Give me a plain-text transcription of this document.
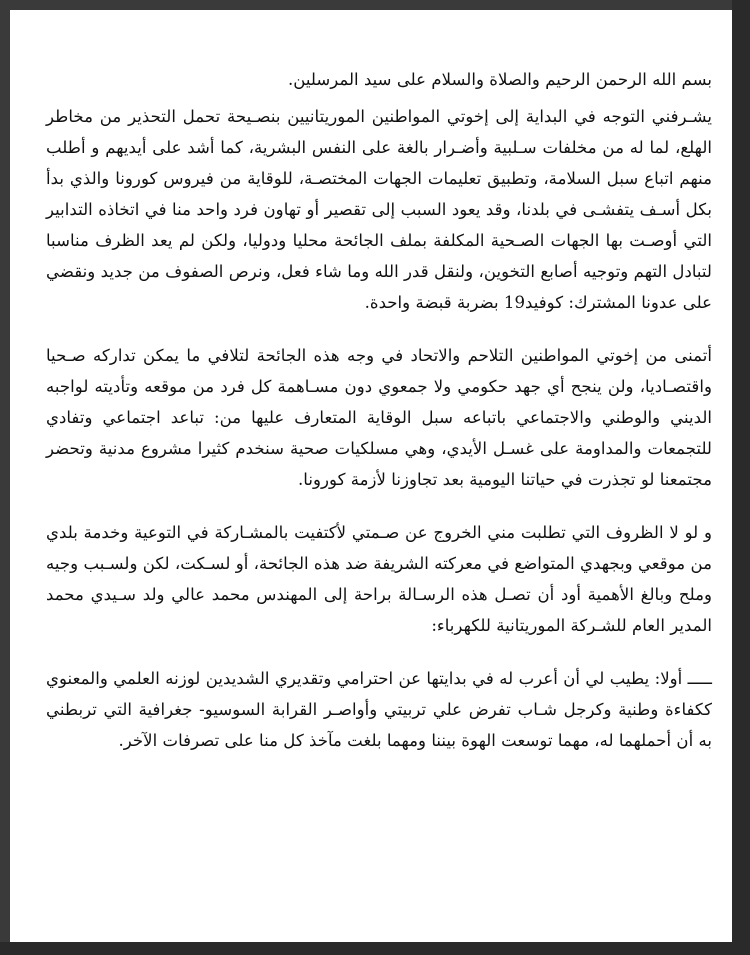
بسم الله الرحمن الرحيم والصلاة والسلام على سيد المرسلين.

يشـرفني التوجه في البداية إلى إخوتي المواطنين الموريتانيين بنصـيحة تحمل التحذير من مخاطر الهلع، لما له من مخلفات سـلبية وأضـرار بالغة على النفس البشرية، كما أشد على أيديهم و أطلب منهم اتباع سبل السلامة، وتطبيق تعليمات الجهات المختصـة، للوقاية من فيروس كورونا والذي بدأ بكل أسـف يتفشـى في بلدنا، وقد يعود السبب إلى تقصير أو تهاون فرد واحد منا في اتخاذه التدابير التي أوصـت بها الجهات الصـحية المكلفة بملف الجائحة محليا ودوليا، ولكن لم يعد الظرف مناسبا لتبادل التهم وتوجيه أصابع التخوين، ولنقل قدر الله وما شاء فعل، ونرص الصفوف من جديد ونقضي على عدونا المشترك: كوفيد19 بضربة قبضة واحدة.

أتمنى من إخوتي المواطنين التلاحم والاتحاد في وجه هذه الجائحة لتلافي ما يمكن تداركه صـحيا واقتصـاديا، ولن ينجح أي جهد حكومي ولا جمعوي دون مسـاهمة كل فرد من موقعه وتأديته لواجبه الديني والوطني والاجتماعي باتباعه سبل الوقاية المتعارف عليها من: تباعد اجتماعي وتفادي للتجمعات والمداومة على غسـل الأيدي، وهي مسلكيات صحية سنخدم كثيرا مشروع مدنية وتحضر مجتمعنا لو تجذرت في حياتنا اليومية بعد تجاوزنا لأزمة كورونا.

و لو لا الظروف التي تطلبت مني الخروج عن صـمتي لأكتفيت بالمشـاركة في التوعية وخدمة بلدي من موقعي وبجهدي المتواضع في معركته الشريفة ضد هذه الجائحة، أو لسـكت، لكن ولسـبب وجيه وملح وبالغ الأهمية أود أن تصـل هذه الرسـالة براحة إلى المهندس محمد عالي ولد سـيدي محمد المدير العام للشـركة الموريتانية للكهرباء:

ـــــ أولا: يطيب لي أن أعرب له في بدايتها عن احترامي وتقديري الشديدين لوزنه العلمي والمعنوي ككفاءة وطنية وكرجل شـاب تفرض علي تربيتي وأواصـر القرابة السوسيو- جغرافية التي تربطني به أن أحملهما له، مهما توسعت الهوة بيننا ومهما بلغت مآخذ كل منا على تصرفات الآخر.
